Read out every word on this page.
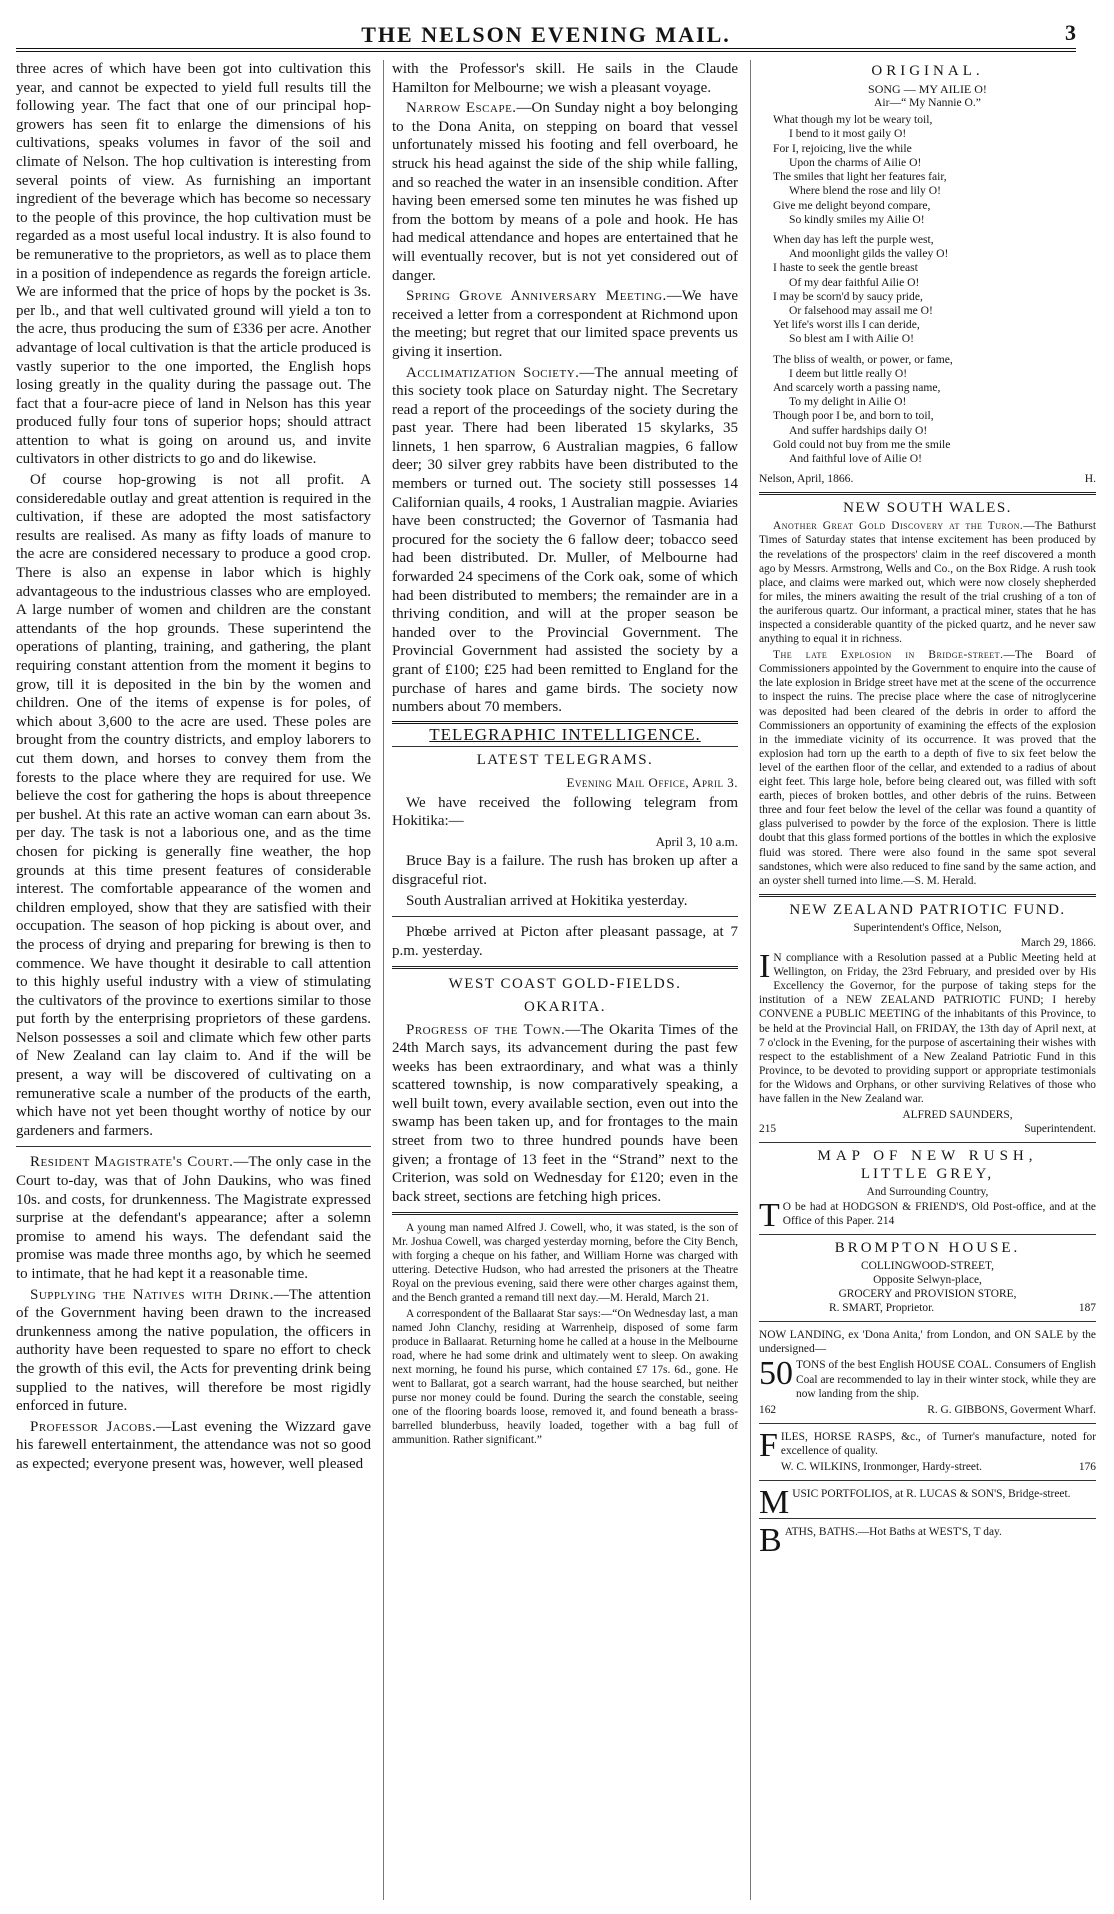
THE NELSON EVENING MAIL.	3

three acres of which have been got into cultivation this year, and cannot be expected to yield full results till the following year. The fact that one of our principal hop-growers has seen fit to enlarge the dimensions of his cultivations, speaks volumes in favor of the soil and climate of Nelson. The hop cultivation is interesting from several points of view. As furnishing an important ingredient of the beverage which has become so necessary to the people of this province, the hop cultivation must be regarded as a most useful local industry. It is also found to be remunerative to the proprietors, as well as to place them in a position of independence as regards the foreign article. We are informed that the price of hops by the pocket is 3s. per lb., and that well cultivated ground will yield a ton to the acre, thus producing the sum of £336 per acre. Another advantage of local cultivation is that the article produced is vastly superior to the one imported, the English hops losing greatly in the quality during the passage out. The fact that a four-acre piece of land in Nelson has this year produced fully four tons of superior hops; should attract attention to what is going on around us, and invite cultivators in other districts to go and do likewise.

Of course hop-growing is not all profit. A consideredable outlay and great attention is required in the cultivation, if these are adopted the most satisfactory results are realised. As many as fifty loads of manure to the acre are considered necessary to produce a good crop. There is also an expense in labor which is highly advantageous to the industrious classes who are employed. A large number of women and children are the constant attendants of the hop grounds. These superintend the operations of planting, training, and gathering, the plant requiring constant attention from the moment it begins to grow, till it is deposited in the bin by the women and children. One of the items of expense is for poles, of which about 3,600 to the acre are used. These poles are brought from the country districts, and employ laborers to cut them down, and horses to convey them from the forests to the place where they are required for use. We believe the cost for gathering the hops is about threepence per bushel. At this rate an active woman can earn about 3s. per day. The task is not a laborious one, and as the time chosen for picking is generally fine weather, the hop grounds at this time present features of considerable interest. The comfortable appearance of the women and children employed, show that they are satisfied with their occupation. The season of hop picking is about over, and the process of drying and preparing for brewing is then to commence. We have thought it desirable to call attention to this highly useful industry with a view of stimulating the cultivators of the province to exertions similar to those put forth by the enterprising proprietors of these gardens. Nelson possesses a soil and climate which few other parts of New Zealand can lay claim to. And if the will be present, a way will be discovered of cultivating on a remunerative scale a number of the products of the earth, which have not yet been thought worthy of notice by our gardeners and farmers.

Resident Magistrate's Court.—The only case in the Court to-day, was that of John Daukins, who was fined 10s. and costs, for drunkenness. The Magistrate expressed surprise at the defendant's appearance; after a solemn promise to amend his ways. The defendant said the promise was made three months ago, by which he seemed to intimate, that he had kept it a reasonable time.

Supplying the Natives with Drink.—The attention of the Government having been drawn to the increased drunkenness among the native population, the officers in authority have been requested to spare no effort to check the growth of this evil, the Acts for preventing drink being supplied to the natives, will therefore be most rigidly enforced in future.

Professor Jacobs.—Last evening the Wizzard gave his farewell entertainment, the attendance was not so good as expected; everyone present was, however, well pleased

with the Professor's skill. He sails in the Claude Hamilton for Melbourne; we wish a pleasant voyage.

Narrow Escape.—On Sunday night a boy belonging to the Dona Anita, on stepping on board that vessel unfortunately missed his footing and fell overboard, he struck his head against the side of the ship while falling, and so reached the water in an insensible condition. After having been emersed some ten minutes he was fished up from the bottom by means of a pole and hook. He has had medical attendance and hopes are entertained that he will eventually recover, but is not yet considered out of danger.

Spring Grove Anniversary Meeting.—We have received a letter from a correspondent at Richmond upon the meeting; but regret that our limited space prevents us giving it insertion.

Acclimatization Society.—The annual meeting of this society took place on Saturday night. The Secretary read a report of the proceedings of the society during the past year. There had been liberated 15 skylarks, 35 linnets, 1 hen sparrow, 6 Australian magpies, 6 fallow deer; 30 silver grey rabbits have been distributed to the members or turned out. The society still possesses 14 Californian quails, 4 rooks, 1 Australian magpie. Aviaries have been constructed; the Governor of Tasmania had procured for the society the 6 fallow deer; tobacco seed had been distributed. Dr. Muller, of Melbourne had forwarded 24 specimens of the Cork oak, some of which had been distributed to members; the remainder are in a thriving condition, and will at the proper season be handed over to the Provincial Government. The Provincial Government had assisted the society by a grant of £100; £25 had been remitted to England for the purchase of hares and game birds. The society now numbers about 70 members.

TELEGRAPHIC INTELLIGENCE.
LATEST TELEGRAMS.
Evening Mail Office, April 3.

We have received the following telegram from Hokitika:—

April 3, 10 a.m.

Bruce Bay is a failure. The rush has broken up after a disgraceful riot.

South Australian arrived at Hokitika yesterday.

Phœbe arrived at Picton after pleasant passage, at 7 p.m. yesterday.

WEST COAST GOLD-FIELDS.
OKARITA.

Progress of the Town.—The Okarita Times of the 24th March says, its advancement during the past few weeks has been extraordinary, and what was a thinly scattered township, is now comparatively speaking, a well built town, every available section, even out into the swamp has been taken up, and for frontages to the main street from two to three hundred pounds have been given; a frontage of 13 feet in the “Strand” next to the Criterion, was sold on Wednesday for £120; even in the back street, sections are fetching high prices.

A young man named Alfred J. Cowell, who, it was stated, is the son of Mr. Joshua Cowell, was charged yesterday morning, before the City Bench, with forging a cheque on his father, and William Horne was charged with uttering. Detective Hudson, who had arrested the prisoners at the Theatre Royal on the previous evening, said there were other charges against them, and the Bench granted a remand till next day.—M. Herald, March 21.

A correspondent of the Ballaarat Star says:—“On Wednesday last, a man named John Clanchy, residing at Warrenheip, disposed of some farm produce in Ballaarat. Returning home he called at a house in the Melbourne road, where he had some drink and ultimately went to sleep. On awaking next morning, he found his purse, which contained £7 17s. 6d., gone. He went to Ballarat, got a search warrant, had the house searched, but neither purse nor money could be found. During the search the constable, seeing one of the flooring boards loose, removed it, and found beneath a brass-barrelled blunderbuss, heavily loaded, together with a bag full of ammunition. Rather significant.”

ORIGINAL.
SONG — MY AILIE O!
Air—“ My Nannie O.”
What though my lot be weary toil,
I bend to it most gaily O!
For I, rejoicing, live the while
Upon the charms of Ailie O!
The smiles that light her features fair,
Where blend the rose and lily O!
Give me delight beyond compare,
So kindly smiles my Ailie O!
When day has left the purple west,
And moonlight gilds the valley O!
I haste to seek the gentle breast
Of my dear faithful Ailie O!
I may be scorn'd by saucy pride,
Or falsehood may assail me O!
Yet life's worst ills I can deride,
So blest am I with Ailie O!
The bliss of wealth, or power, or fame,
I deem but little really O!
And scarcely worth a passing name,
To my delight in Ailie O!
Though poor I be, and born to toil,
And suffer hardships daily O!
Gold could not buy from me the smile
And faithful love of Ailie O!
Nelson, April, 1866.	H.
NEW SOUTH WALES.

Another Great Gold Discovery at the Turon.—The Bathurst Times of Saturday states that intense excitement has been produced by the revelations of the prospectors' claim in the reef discovered a month ago by Messrs. Armstrong, Wells and Co., on the Box Ridge. A rush took place, and claims were marked out, which were now closely shepherded for miles, the miners awaiting the result of the trial crushing of a ton of the auriferous quartz. Our informant, a practical miner, states that he has inspected a considerable quantity of the picked quartz, and he never saw anything to equal it in richness.

The late Explosion in Bridge-street.—The Board of Commissioners appointed by the Government to enquire into the cause of the late explosion in Bridge street have met at the scene of the occurrence to inspect the ruins. The precise place where the case of nitroglycerine was deposited had been cleared of the debris in order to afford the Commissioners an opportunity of examining the effects of the explosion in the immediate vicinity of its occurrence. It was proved that the explosion had torn up the earth to a depth of five to six feet below the level of the earthen floor of the cellar, and extended to a radius of about eight feet. This large hole, before being cleared out, was filled with soft earth, pieces of broken bottles, and other debris of the ruins. Between three and four feet below the level of the cellar was found a quantity of glass pulverised to powder by the force of the explosion. There is little doubt that this glass formed portions of the bottles in which the explosive fluid was stored. There were also found in the same spot several sandstones, which were also reduced to fine sand by the same action, and an oyster shell turned into lime.—S. M. Herald.

NEW ZEALAND PATRIOTIC FUND.
Superintendent's Office, Nelson,
March 29, 1866.

I N compliance with a Resolution passed at a Public Meeting held at Wellington, on Friday, the 23rd February, and presided over by His Excellency the Governor, for the purpose of taking steps for the institution of a NEW ZEALAND PATRIOTIC FUND; I hereby CONVENE a PUBLIC MEETING of the inhabitants of this Province, to be held at the Provincial Hall, on FRIDAY, the 13th day of April next, at 7 o'clock in the Evening, for the purpose of ascertaining their wishes with respect to the establishment of a New Zealand Patriotic Fund in this Province, to be devoted to providing support or appropriate testimonials for the Widows and Orphans, or other surviving Relatives of those who have fallen in the New Zealand war.

ALFRED SAUNDERS,
215	Superintendent.
MAP OF NEW RUSH,
LITTLE GREY,
And Surrounding Country,

T O be had at HODGSON & FRIEND'S, Old Post-office, and at the Office of this Paper. 214

BROMPTON HOUSE.
COLLINGWOOD-STREET,
Opposite Selwyn-place,
GROCERY and PROVISION STORE,
R. SMART, Proprietor.	187

NOW LANDING, ex 'Dona Anita,' from London, and ON SALE by the undersigned—

50 TONS of the best English HOUSE COAL. Consumers of English Coal are recommended to lay in their winter stock, while they are now landing from the ship.

162	R. G. GIBBONS, Goverment Wharf.

FILES, HORSE RASPS, &c., of Turner's manufacture, noted for excellence of quality.

W. C. WILKINS, Ironmonger, Hardy-street.	176

MUSIC PORTFOLIOS, at R. LUCAS & SON'S, Bridge-street.

BATHS, BATHS.—Hot Baths at WEST'S, T day.
